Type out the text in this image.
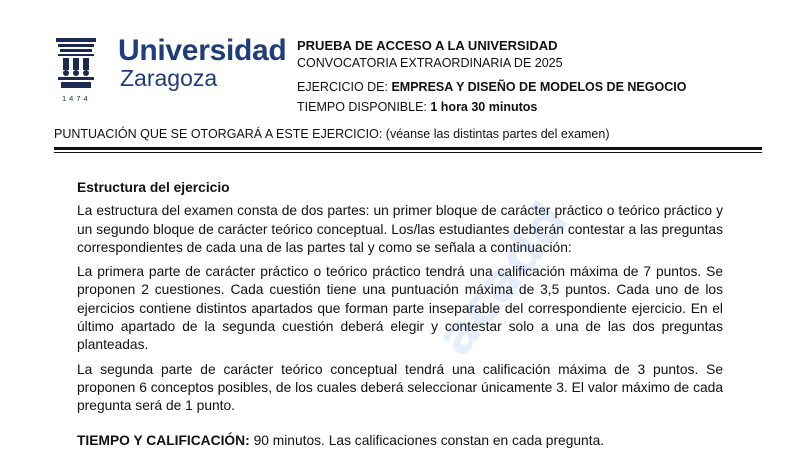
1474
Universidad
Zaragoza
PRUEBA DE ACCESO A LA UNIVERSIDAD
CONVOCATORIA EXTRAORDINARIA DE 2025
EJERCICIO DE: EMPRESA Y DISEÑO DE MODELOS DE NEGOCIO
TIEMPO DISPONIBLE: 1 hora 30 minutos
PUNTUACIÓN QUE SE OTORGARÁ A ESTE EJERCICIO: (véanse las distintas partes del examen)
Estructura del ejercicio

La estructura del examen consta de dos partes: un primer bloque de carácter práctico o teórico práctico y un segundo bloque de carácter teórico conceptual. Los/las estudiantes deberán contestar a las preguntas correspondientes de cada una de las partes tal y como se señala a continuación:

La primera parte de carácter práctico o teórico práctico tendrá una calificación máxima de 7 puntos. Se proponen 2 cuestiones. Cada cuestión tiene una puntuación máxima de 3,5 puntos. Cada uno de los ejercicios contiene distintos apartados que forman parte inseparable del correspondiente ejercicio. En el último apartado de la segunda cuestión deberá elegir y contestar solo a una de las dos preguntas planteadas.

La segunda parte de carácter teórico conceptual tendrá una calificación máxima de 3 puntos. Se proponen 6 conceptos posibles, de los cuales deberá seleccionar únicamente 3. El valor máximo de cada pregunta será de 1 punto.

TIEMPO Y CALIFICACIÓN: 90 minutos. Las calificaciones constan en cada pregunta.

acadd
